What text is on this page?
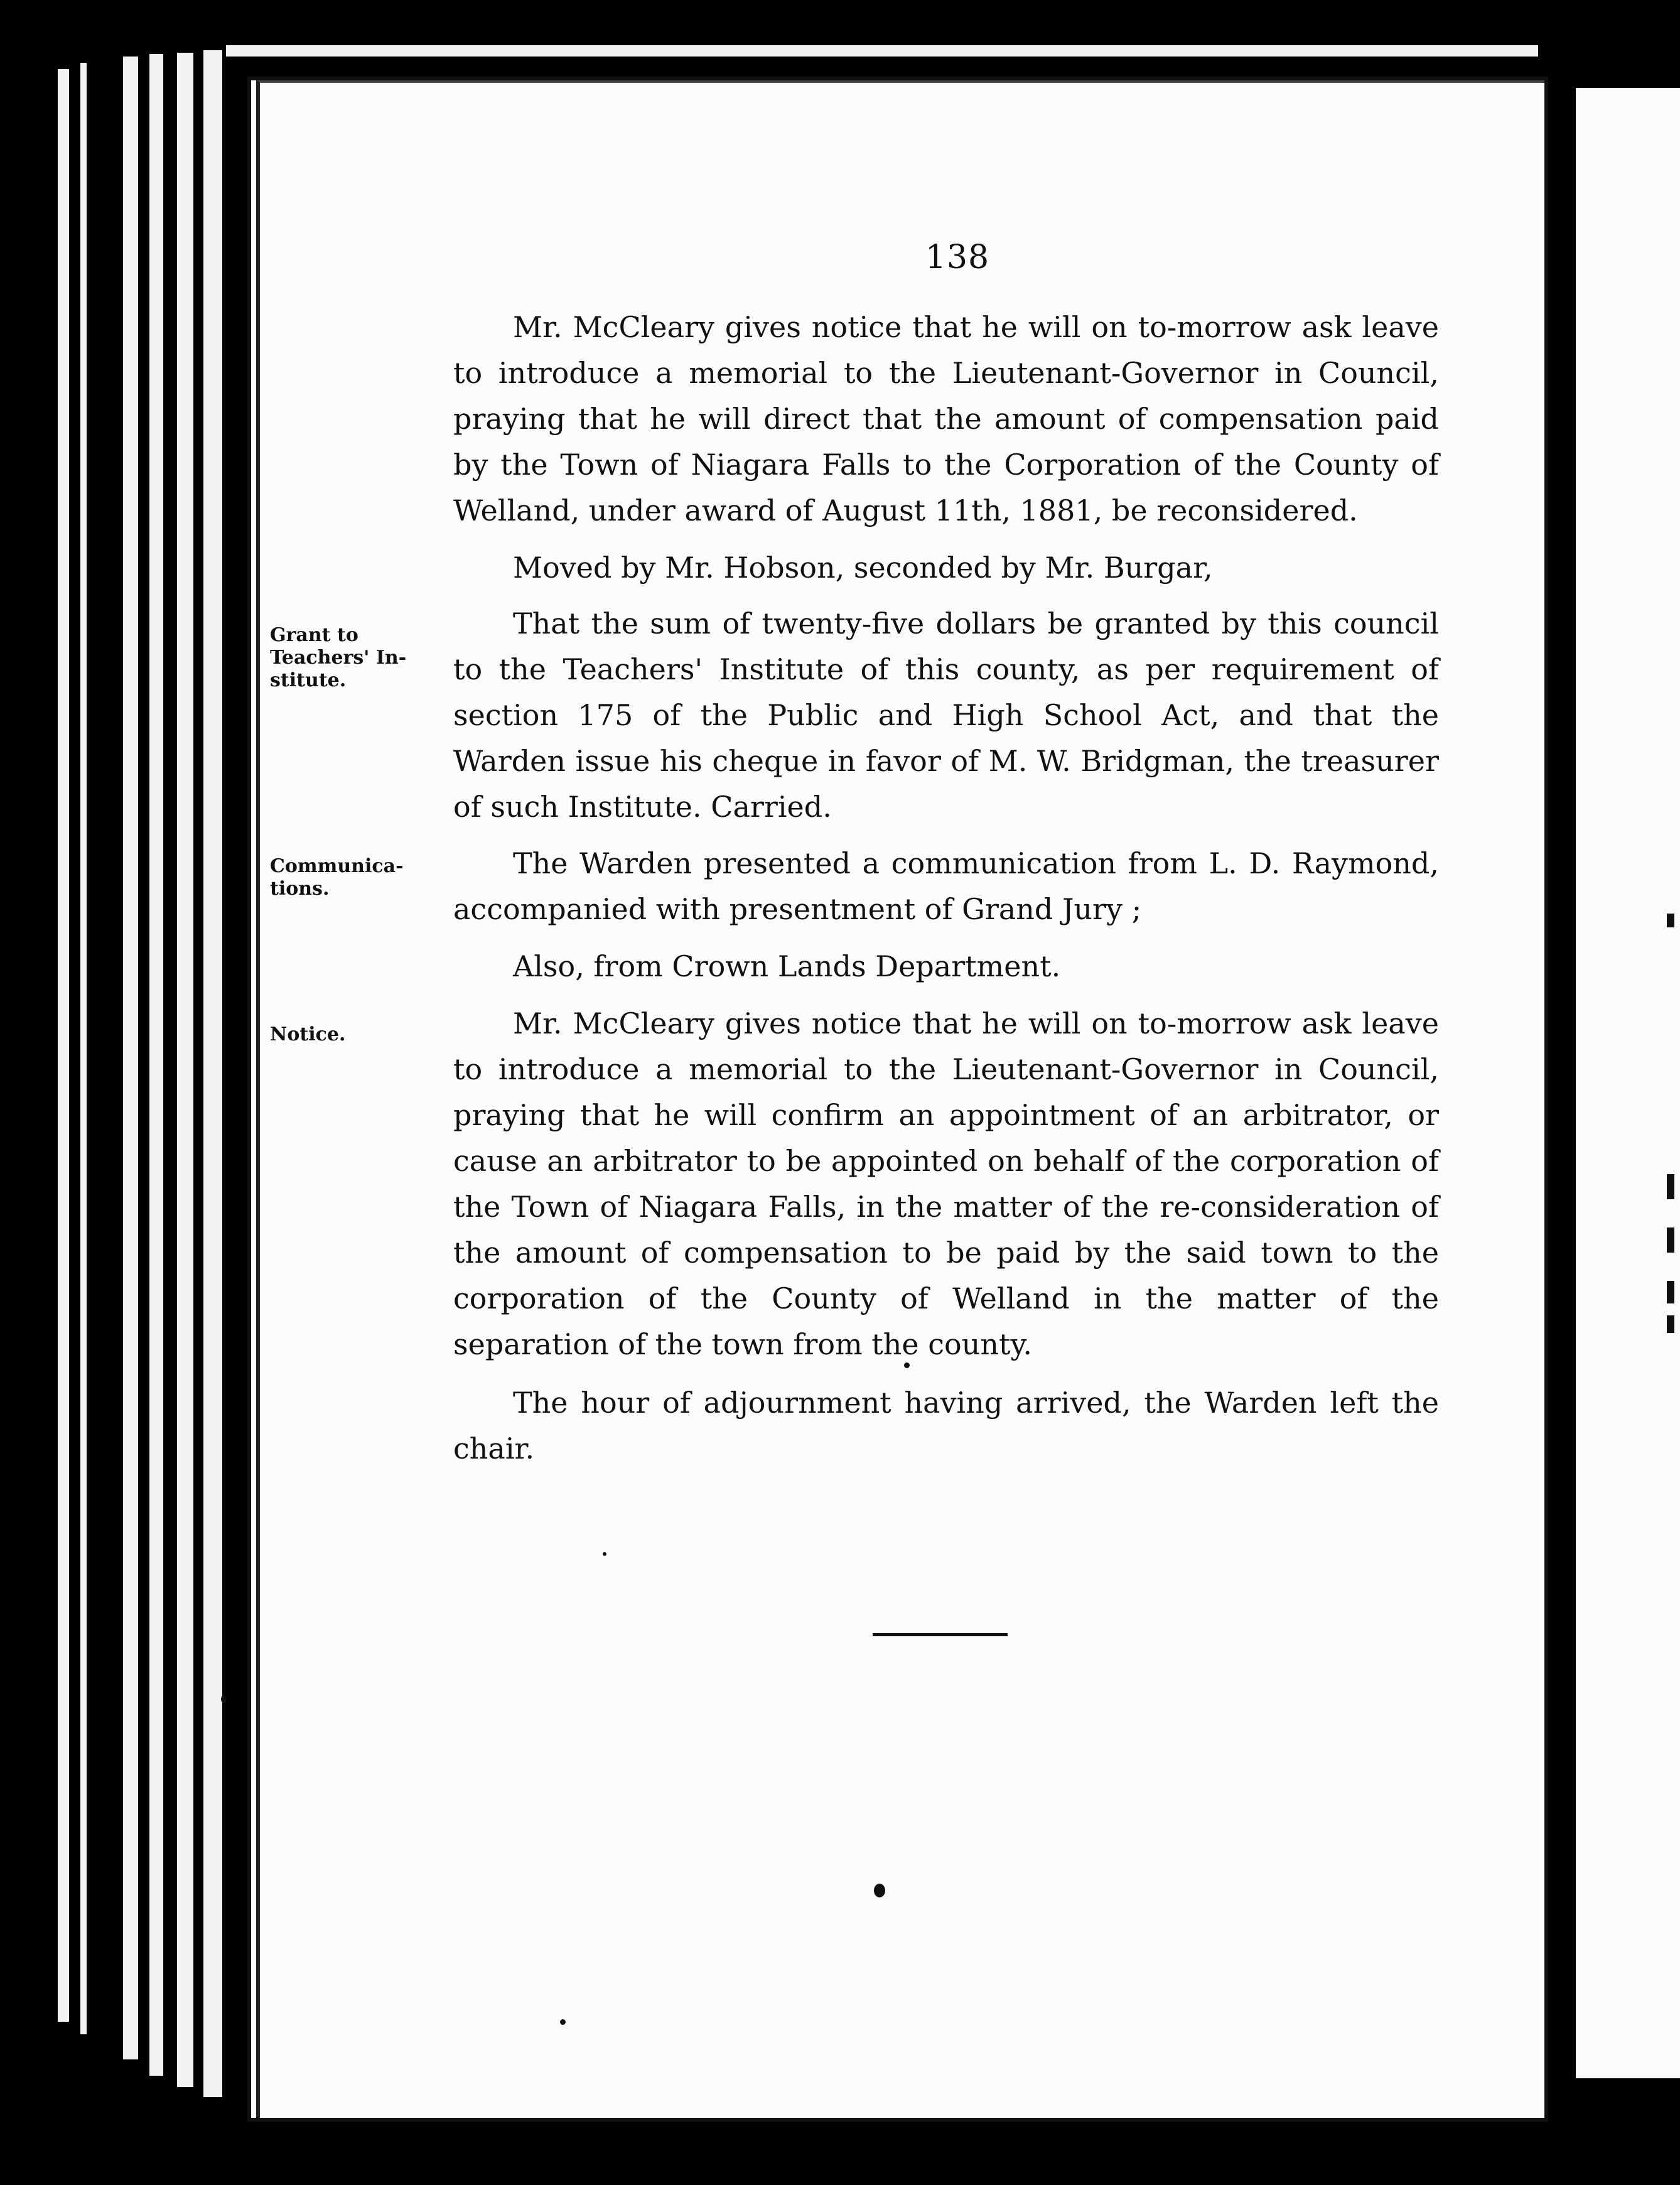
138

Mr. McCleary gives notice that he will on to-morrow ask leave to introduce a memorial to the Lieutenant-Governor in Council, praying that he will direct that the amount of compensation paid by the Town of Niagara Falls to the Corporation of the County of Welland, under award of August 11th, 1881, be reconsidered.

Moved by Mr. Hobson, seconded by Mr. Burgar,

That the sum of twenty-five dollars be granted by this council to the Teachers' Institute of this county, as per requirement of section 175 of the Public and High School Act, and that the Warden issue his cheque in favor of M. W. Bridgman, the treasurer of such Institute. Carried.

The Warden presented a communication from L. D. Raymond, accompanied with presentment of Grand Jury ;

Also, from Crown Lands Department.

Mr. McCleary gives notice that he will on to-morrow ask leave to introduce a memorial to the Lieutenant-Governor in Council, praying that he will confirm an appointment of an arbitrator, or cause an arbitrator to be appointed on behalf of the corporation of the Town of Niagara Falls, in the matter of the re-consideration of the amount of compensation to be paid by the said town to the corporation of the County of Welland in the matter of the separation of the town from the county.

The hour of adjournment having arrived, the Warden left the chair.

Grant to
Teachers' In-
stitute.
Communica-
tions.
Notice.
